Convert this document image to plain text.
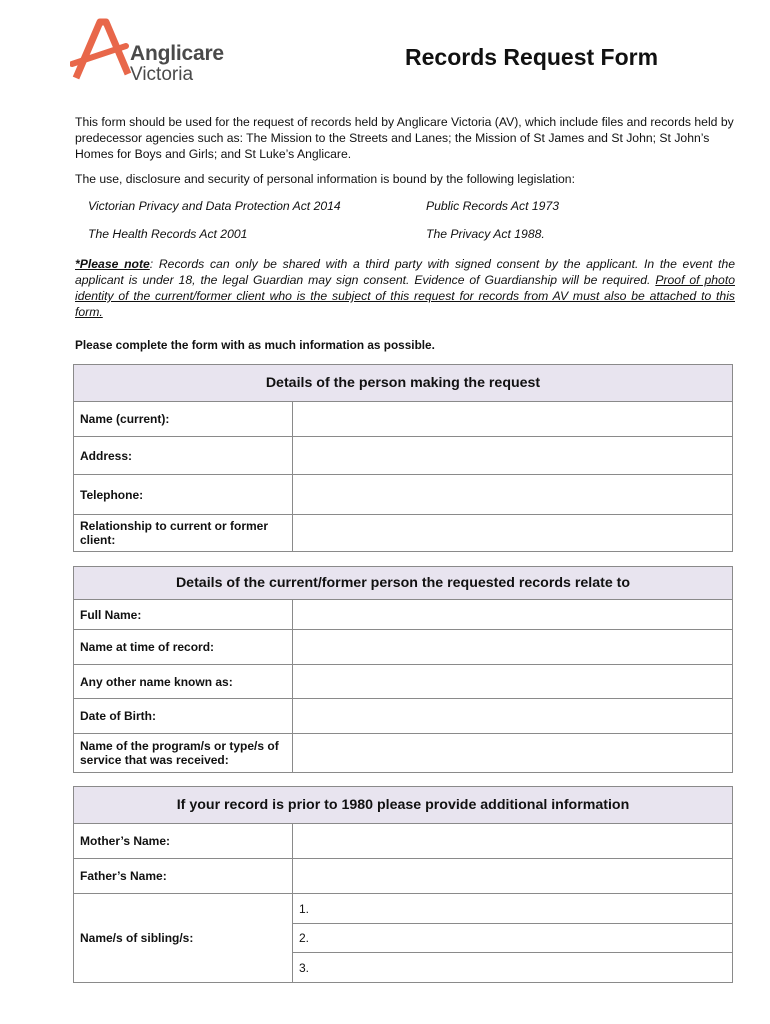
Anglicare
Victoria
Records Request Form
This form should be used for the request of records held by Anglicare Victoria (AV), which include files and records held by predecessor agencies such as: The Mission to the Streets and Lanes; the Mission of St James and St John; St John’s Homes for Boys and Girls; and St Luke’s Anglicare.
The use, disclosure and security of personal information is bound by the following legislation:
Victorian Privacy and Data Protection Act 2014	Public Records Act 1973
The Health Records Act 2001	The Privacy Act 1988.
*Please note: Records can only be shared with a third party with signed consent by the applicant. In the event the applicant is under 18, the legal Guardian may sign consent. Evidence of Guardianship will be required. Proof of photo identity of the current/former client who is the subject of this request for records from AV must also be attached to this form.
Please complete the form with as much information as possible.
Details of the person making the request	
Name (current):	
Address:	
Telephone:	
Relationship to current or former client:	
Details of the current/former person the requested records relate to	
Full Name:	
Name at time of record:	
Any other name known as:	
Date of Birth:	
Name of the program/s or type/s of service that was received:	
If your record is prior to 1980 please provide additional information	
Mother’s Name:	
Father’s Name:	
Name/s of sibling/s:	1.
	2.
	3.
